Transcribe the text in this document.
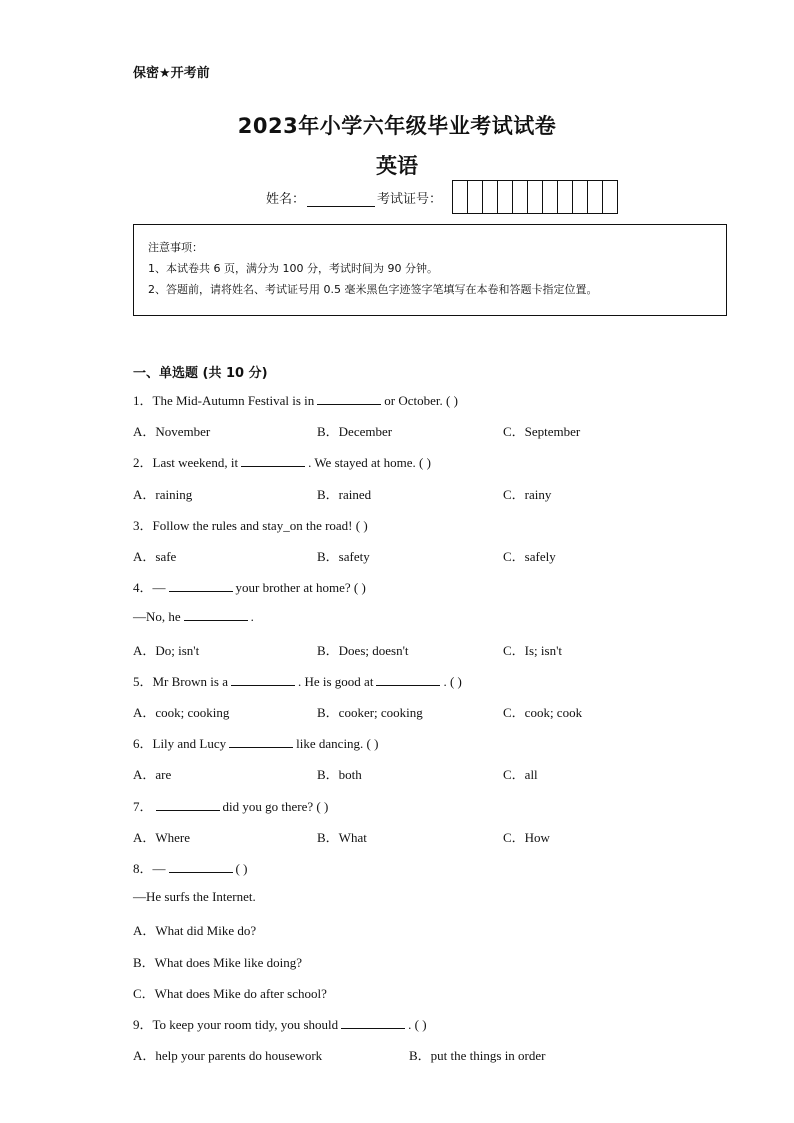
保密★开考前
2023年小学六年级毕业考试试卷
英语
姓名：	考试证号：
注意事项：
1、本试卷共 6 页，满分为 100 分，考试时间为 90 分钟。
2、答题前，请将姓名、考试证号用 0.5 毫米黑色字迹签字笔填写在本卷和答题卡指定位置。
一、单选题 (共 10 分)
1．The Mid-Autumn Festival is in	or October. ( )
A．November	B．December	C．September
2．Last weekend, it	. We stayed at home. ( )
A．raining	B．rained	C．rainy
3．Follow the rules and stay_on the road! ( )
A．safe	B．safety	C．safely
4．—	your brother at home? ( )
—No, he	.
A．Do; isn't	B．Does; doesn't	C．Is; isn't
5．Mr Brown is a	. He is good at	. ( )
A．cook; cooking	B．cooker; cooking	C．cook; cook
6．Lily and Lucy	like dancing. ( )
A．are	B．both	C．all
7．	did you go there? ( )
A．Where	B．What	C．How
8．—	( )
—He surfs the Internet.
A．What did Mike do?
B．What does Mike like doing?
C．What does Mike do after school?
9．To keep your room tidy, you should	. ( )
A．help your parents do housework	B．put the things in order
